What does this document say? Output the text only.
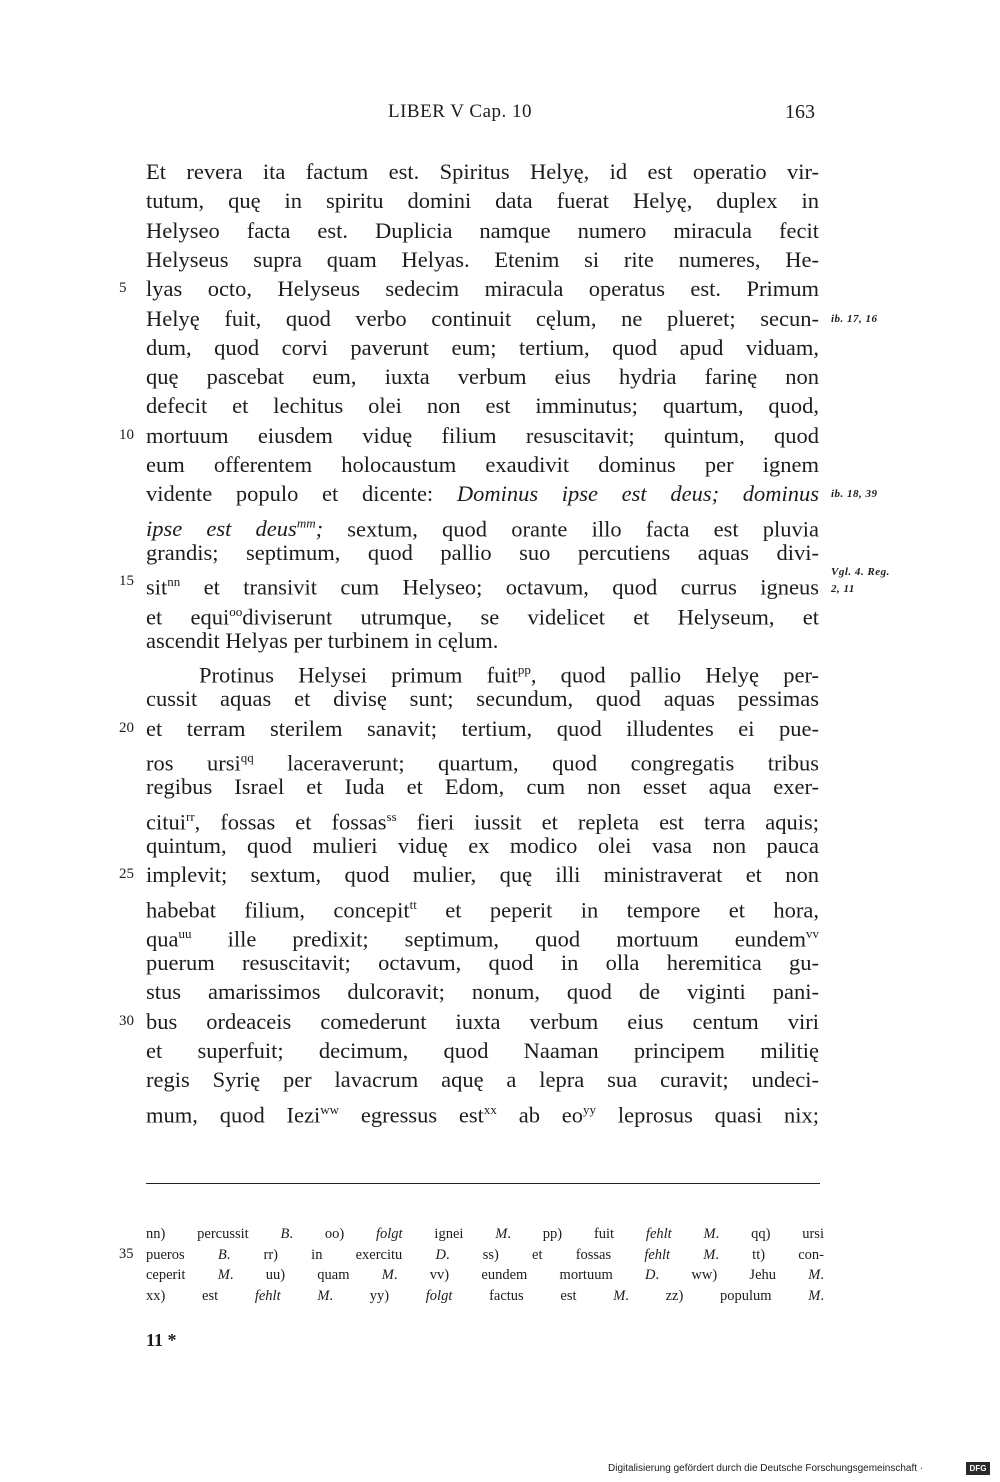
LIBER V Cap. 10	163
Et revera ita factum est. Spiritus Helyę, id est operatio vir-
tutum, quę in spiritu domini data fuerat Helyę, duplex in
Helyseo facta est. Duplicia namque numero miracula fecit
Helyseus supra quam Helyas. Etenim si rite numeres, He-
lyas octo, Helyseus sedecim miracula operatus est. Primum
Helyę fuit, quod verbo continuit cęlum, ne plueret; secun-
dum, quod corvi paverunt eum; tertium, quod apud viduam,
quę pascebat eum, iuxta verbum eius hydria farinę non
defecit et lechitus olei non est imminutus; quartum, quod,
mortuum eiusdem viduę filium resuscitavit; quintum, quod
eum offerentem holocaustum exaudivit dominus per ignem
vidente populo et dicente: Dominus ipse est deus; dominus
ipse est deus$^{mm}$; sextum, quod orante illo facta est pluvia
grandis; septimum, quod pallio suo percutiens aquas divi-
sit$^{nn}$ et transivit cum Helyseo; octavum, quod currus igneus
et equi$^{oo}$diviserunt utrumque, se videlicet et Helyseum, et
ascendit Helyas per turbinem in cęlum.
Protinus Helysei primum fuit$^{pp}$, quod pallio Helyę per-
cussit aquas et divisę sunt; secundum, quod aquas pessimas
et terram sterilem sanavit; tertium, quod illudentes ei pue-
ros ursi$^{qq}$ laceraverunt; quartum, quod congregatis tribus
regibus Israel et Iuda et Edom, cum non esset aqua exer-
citui$^{rr}$, fossas et fossas$^{ss}$ fieri iussit et repleta est terra aquis;
quintum, quod mulieri viduę ex modico olei vasa non pauca
implevit; sextum, quod mulier, quę illi ministraverat et non
habebat filium, concepit$^{tt}$ et peperit in tempore et hora,
qua$^{uu}$ ille predixit; septimum, quod mortuum eundem$^{vv}$
puerum resuscitavit; octavum, quod in olla heremitica gu-
stus amarissimos dulcoravit; nonum, quod de viginti pani-
bus ordeaceis comederunt iuxta verbum eius centum viri
et superfuit; decimum, quod Naaman principem militię
regis Syrię per lavacrum aquę a lepra sua curavit; undeci-
mum, quod Iezi$^{ww}$ egressus est$^{xx}$ ab $eo^{yy}$ leprosus quasi nix;
5
10
15
20
25
30
ib. 17, 16
ib. 18, 39
Vgl. 4. Reg.
2, 11
nn) percussit B. oo) folgt ignei M. pp) fuit fehlt M. qq) ursi
pueros B. rr) in exercitu D. ss) et fossas fehlt M. tt) con-
ceperit M. uu) quam M. vv) eundem mortuum D. ww) Jehu M.
xx) est fehlt	M. yy) folgt factus est M. zz) populum M.
35
11 *
Digitalisierung gefördert durch die Deutsche Forschungsgemeinschaft ·	DFG
